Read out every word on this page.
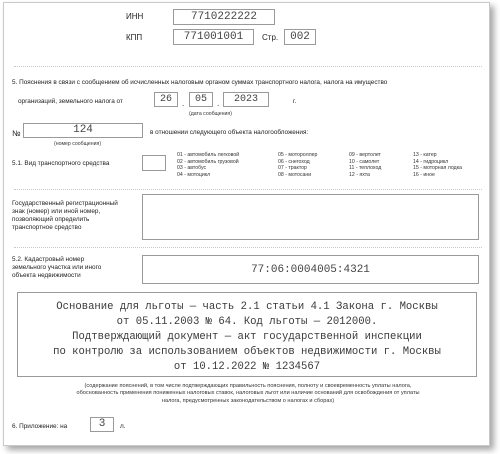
ИНН	7710222222
КПП	771001001	Стр.	002
5. Пояснения в связи с сообщением об исчисленных налоговым органом суммах транспортного налога, налога на имущество
организаций, земельного налога от	26	.	05	.	2023	г.
(дата сообщения)
№	124
(номер сообщения)
в отношении следующего объекта налогообложения:
5.1. Вид транспортного средства
01 - автомобиль легковой
02 - автомобиль грузовой
03 - автобус
04 - мотоцикл
05 - мотороллер
06 - снегоход
07 - трактор
08 - мотосани
09 - вертолет
10 - самолет
11 - теплоход
12 - яхта
13 - катер
14 - гидроцикл
15 - моторная лодка
16 - иное
Государственный регистрационный
знак (номер) или иной номер,
позволяющий определить
транспортное средство
5.2. Кадастровый номер
земельного участка или иного
объекта недвижимости	77:06:0004005:4321
Основание для льготы — часть 2.1 статьи 4.1 Закона г. Москвы
от 05.11.2003 № 64. Код льготы — 2012000.
Подтверждающий документ — акт государственной инспекции
по контролю за использованием объектов недвижимости г. Москвы
от 10.12.2022 № 1234567
(содержание пояснений, в том числе подтверждающих правильность пояснения, полноту и своевременность уплаты налога,
обоснованность применения пониженных налоговых ставок, налоговых льгот или наличие оснований для освобождения от уплаты
налога, предусмотренных законодательством о налогах и сборах)
6. Приложение: на	3	л.
